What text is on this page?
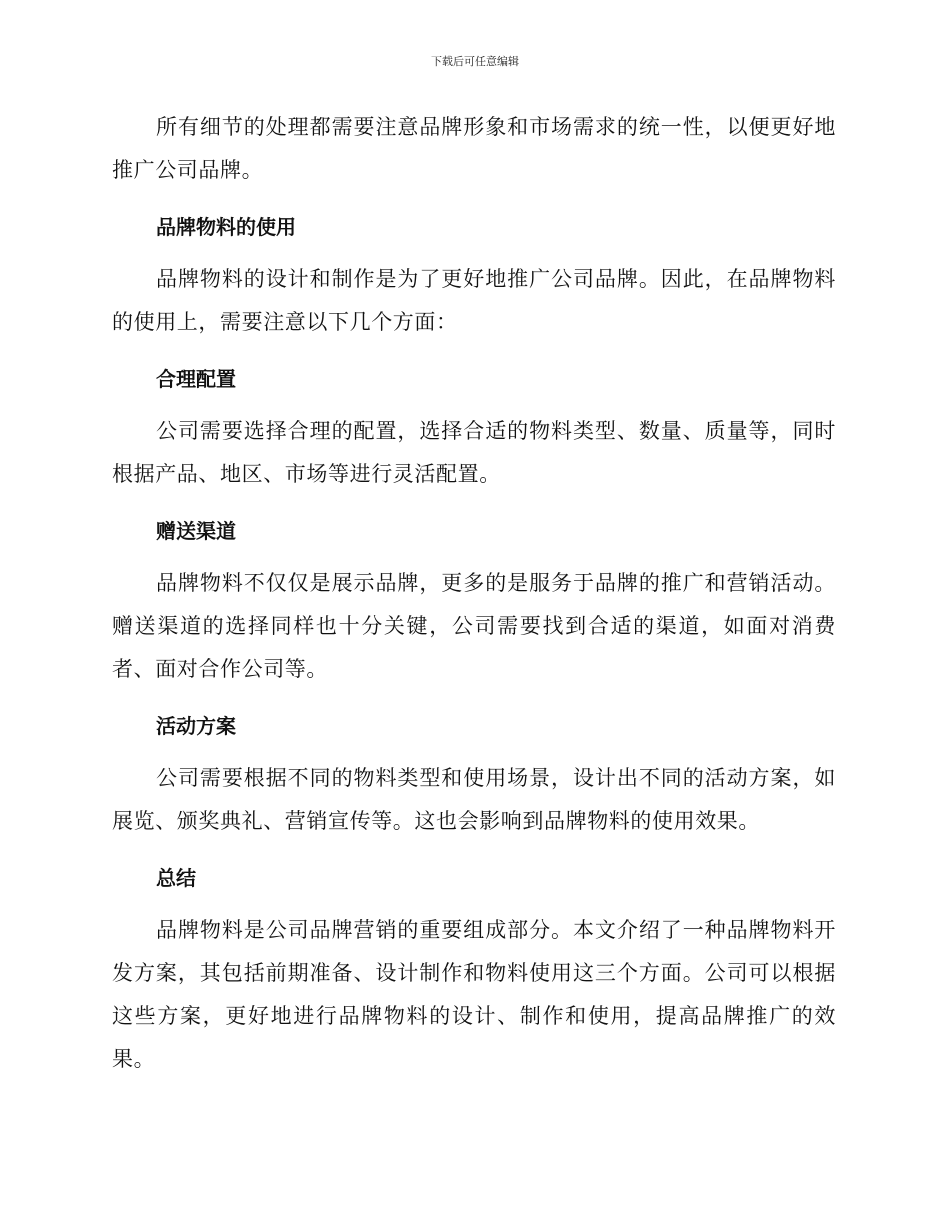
下载后可任意编辑

所有细节的处理都需要注意品牌形象和市场需求的统一性，以便更好地推广公司品牌。

品牌物料的使用

品牌物料的设计和制作是为了更好地推广公司品牌。因此，在品牌物料的使用上，需要注意以下几个方面：

合理配置

公司需要选择合理的配置，选择合适的物料类型、数量、质量等，同时根据产品、地区、市场等进行灵活配置。

赠送渠道

品牌物料不仅仅是展示品牌，更多的是服务于品牌的推广和营销活动。赠送渠道的选择同样也十分关键，公司需要找到合适的渠道，如面对消费者、面对合作公司等。

活动方案

公司需要根据不同的物料类型和使用场景，设计出不同的活动方案，如展览、颁奖典礼、营销宣传等。这也会影响到品牌物料的使用效果。

总结

品牌物料是公司品牌营销的重要组成部分。本文介绍了一种品牌物料开发方案，其包括前期准备、设计制作和物料使用这三个方面。公司可以根据这些方案，更好地进行品牌物料的设计、制作和使用，提高品牌推广的效果。
